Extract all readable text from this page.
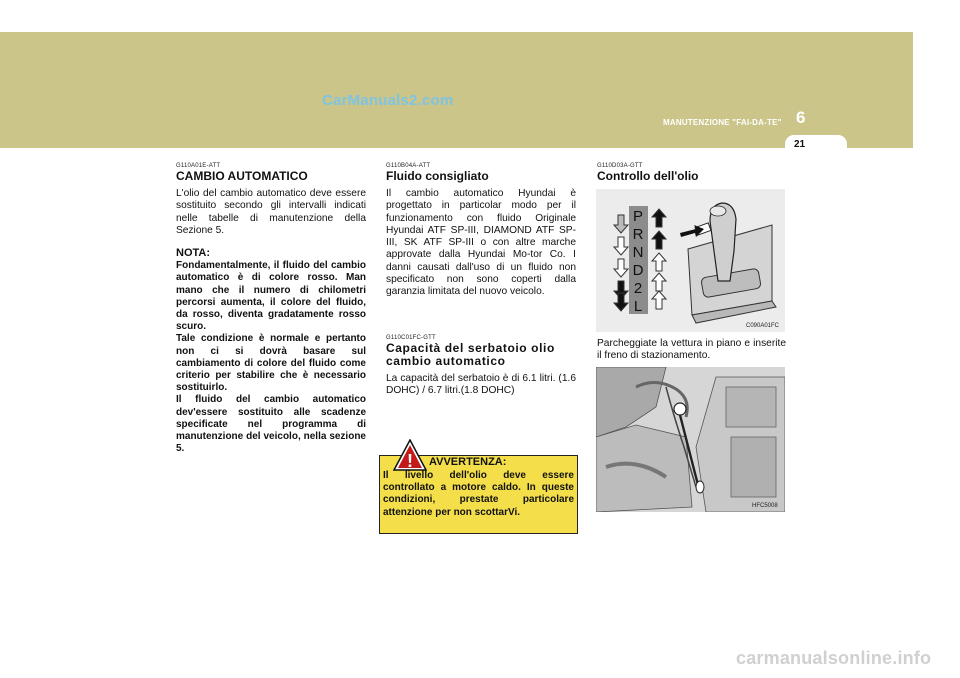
CarManuals2.com
6
MANUTENZIONE "FAI-DA-TE"
21
G110A01E-ATT
CAMBIO AUTOMATICO

L'olio del cambio automatico deve essere sostituito secondo gli intervalli indicati nelle tabelle di manutenzione della Sezione 5.

NOTA:

Fondamentalmente, il fluido del cambio automatico è di colore rosso. Man mano che il numero di chilometri percorsi aumenta, il colore del fluido, da rosso, diventa gradatamente rosso scuro.

Tale condizione è normale e pertanto non ci si dovrà basare sul cambiamento di colore del fluido come criterio per stabilire che è necessario sostituirlo.

Il fluido del cambio automatico dev'essere sostituito alle scadenze specificate nel programma di manutenzione del veicolo, nella sezione 5.

G110B04A-ATT
Fluido consigliato

Il cambio automatico Hyundai è progettato in particolar modo per il funzionamento con fluido Originale Hyundai ATF SP-III, DIAMOND ATF SP-III, SK ATF SP-III o con altre marche approvate dalla Hyundai Mo-tor Co. I danni causati dall'uso di un fluido non specificato non sono coperti dalla garanzia limitata del nuovo veicolo.

G110C01FC-GTT
Capacità del serbatoio olio cambio automatico

La capacità del serbatoio è di 6.1 litri. (1.6 DOHC) / 6.7 litri.(1.8 DOHC)

! AVVERTENZA:
Il livello dell'olio deve essere controllato a motore caldo. In queste condizioni, prestate particolare attenzione per non scottarVi.
G110D03A-GTT
Controllo dell'olio
P
R
N
D
2
L
C090A01FC
Parcheggiate la vettura in piano e inserite il freno di stazionamento.
HFC5008
carmanualsonline.info
